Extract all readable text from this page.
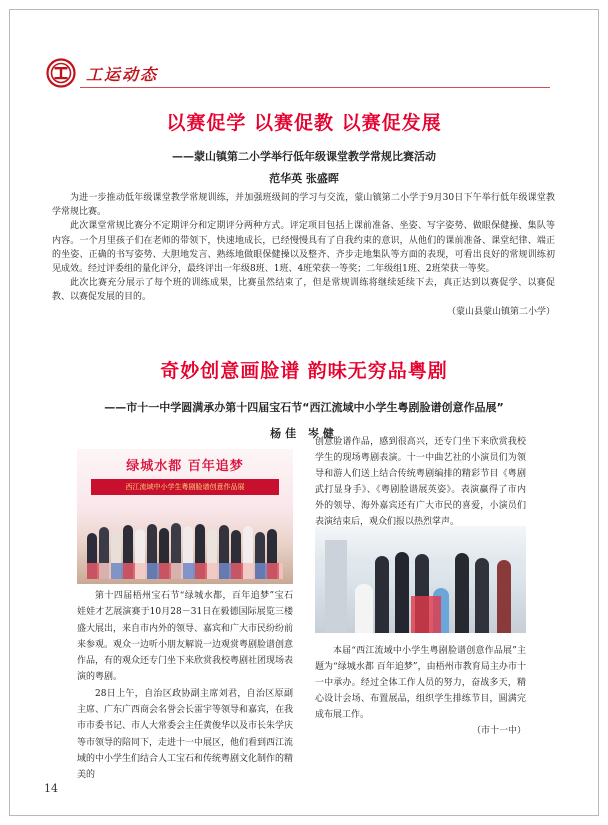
工运动态
以赛促学 以赛促教 以赛促发展
——蒙山镇第二小学举行低年级课堂教学常规比赛活动
范华英 张盛晖

为进一步推动低年级课堂教学常规训练，并加强班级间的学习与交流，蒙山镇第二小学于9月30日下午举行低年级课堂教学常规比赛。

此次课堂常规比赛分不定期评分和定期评分两种方式。评定项目包括上课前准备、坐姿、写字姿势、做眼保健操、集队等内容。一个月里孩子们在老师的带领下，快速地成长，已经慢慢具有了自我约束的意识，从他们的课前准备、课堂纪律、端正的坐姿、正确的书写姿势、大胆地发言、熟练地做眼保健操以及整齐、齐步走地集队等方面的表现，可看出良好的常规训练初见成效。经过评委组的量化评分，最终评出一年级8班、1班、4班荣获一等奖；二年级组1班、2班荣获一等奖。

此次比赛充分展示了每个班的训练成果，比赛虽然结束了，但是常规训练将继续延续下去，真正达到以赛促学、以赛促教、以赛促发展的目的。

（蒙山县蒙山镇第二小学）
奇妙创意画脸谱 韵味无穷品粤剧
——市十一中学圆满承办第十四届宝石节“西江流域中小学生粤剧脸谱创意作品展”
杨佳 岑健
绿城水都 百年追梦
西江流域中小学生粤剧脸谱创意作品展

第十四届梧州宝石节“绿城水都，百年追梦”宝石娃娃才艺展演赛于10月28－31日在毅德国际展览三楼盛大展出，来自市内外的领导、嘉宾和广大市民纷纷前来参观。观众一边听小朋友解说一边观赏粤剧脸谱创意作品，有的观众还专门坐下来欣赏我校粤剧社团现场表演的粤剧。

28日上午，自治区政协副主席刘君，自治区原副主席、广东广西商会名誉会长雷宇等领导和嘉宾，在我市市委书记、市人大常委会主任黄俊华以及市长朱学庆等市领导的陪同下，走进十一中展区，他们看到西江流域的中小学生们结合人工宝石和传统粤剧文化制作的精美的

创意脸谱作品，感到很高兴，还专门坐下来欣赏我校学生的现场粤剧表演。十一中曲艺社的小演员们为领导和游人们送上结合传统粤剧编排的精彩节目《粤剧武打显身手》、《粤剧脸谱展英姿》。表演赢得了市内外的领导、海外嘉宾还有广大市民的喜爱，小演员们表演结束后，观众们报以热烈掌声。

本届“西江流域中小学生粤剧脸谱创意作品展”主题为“绿城水都 百年追梦”，由梧州市教育局主办市十一中承办。经过全体工作人员的努力，奋战多天，精心设计会场、布置展品，组织学生排练节目，圆满完成布展工作。

（市十一中）
14
